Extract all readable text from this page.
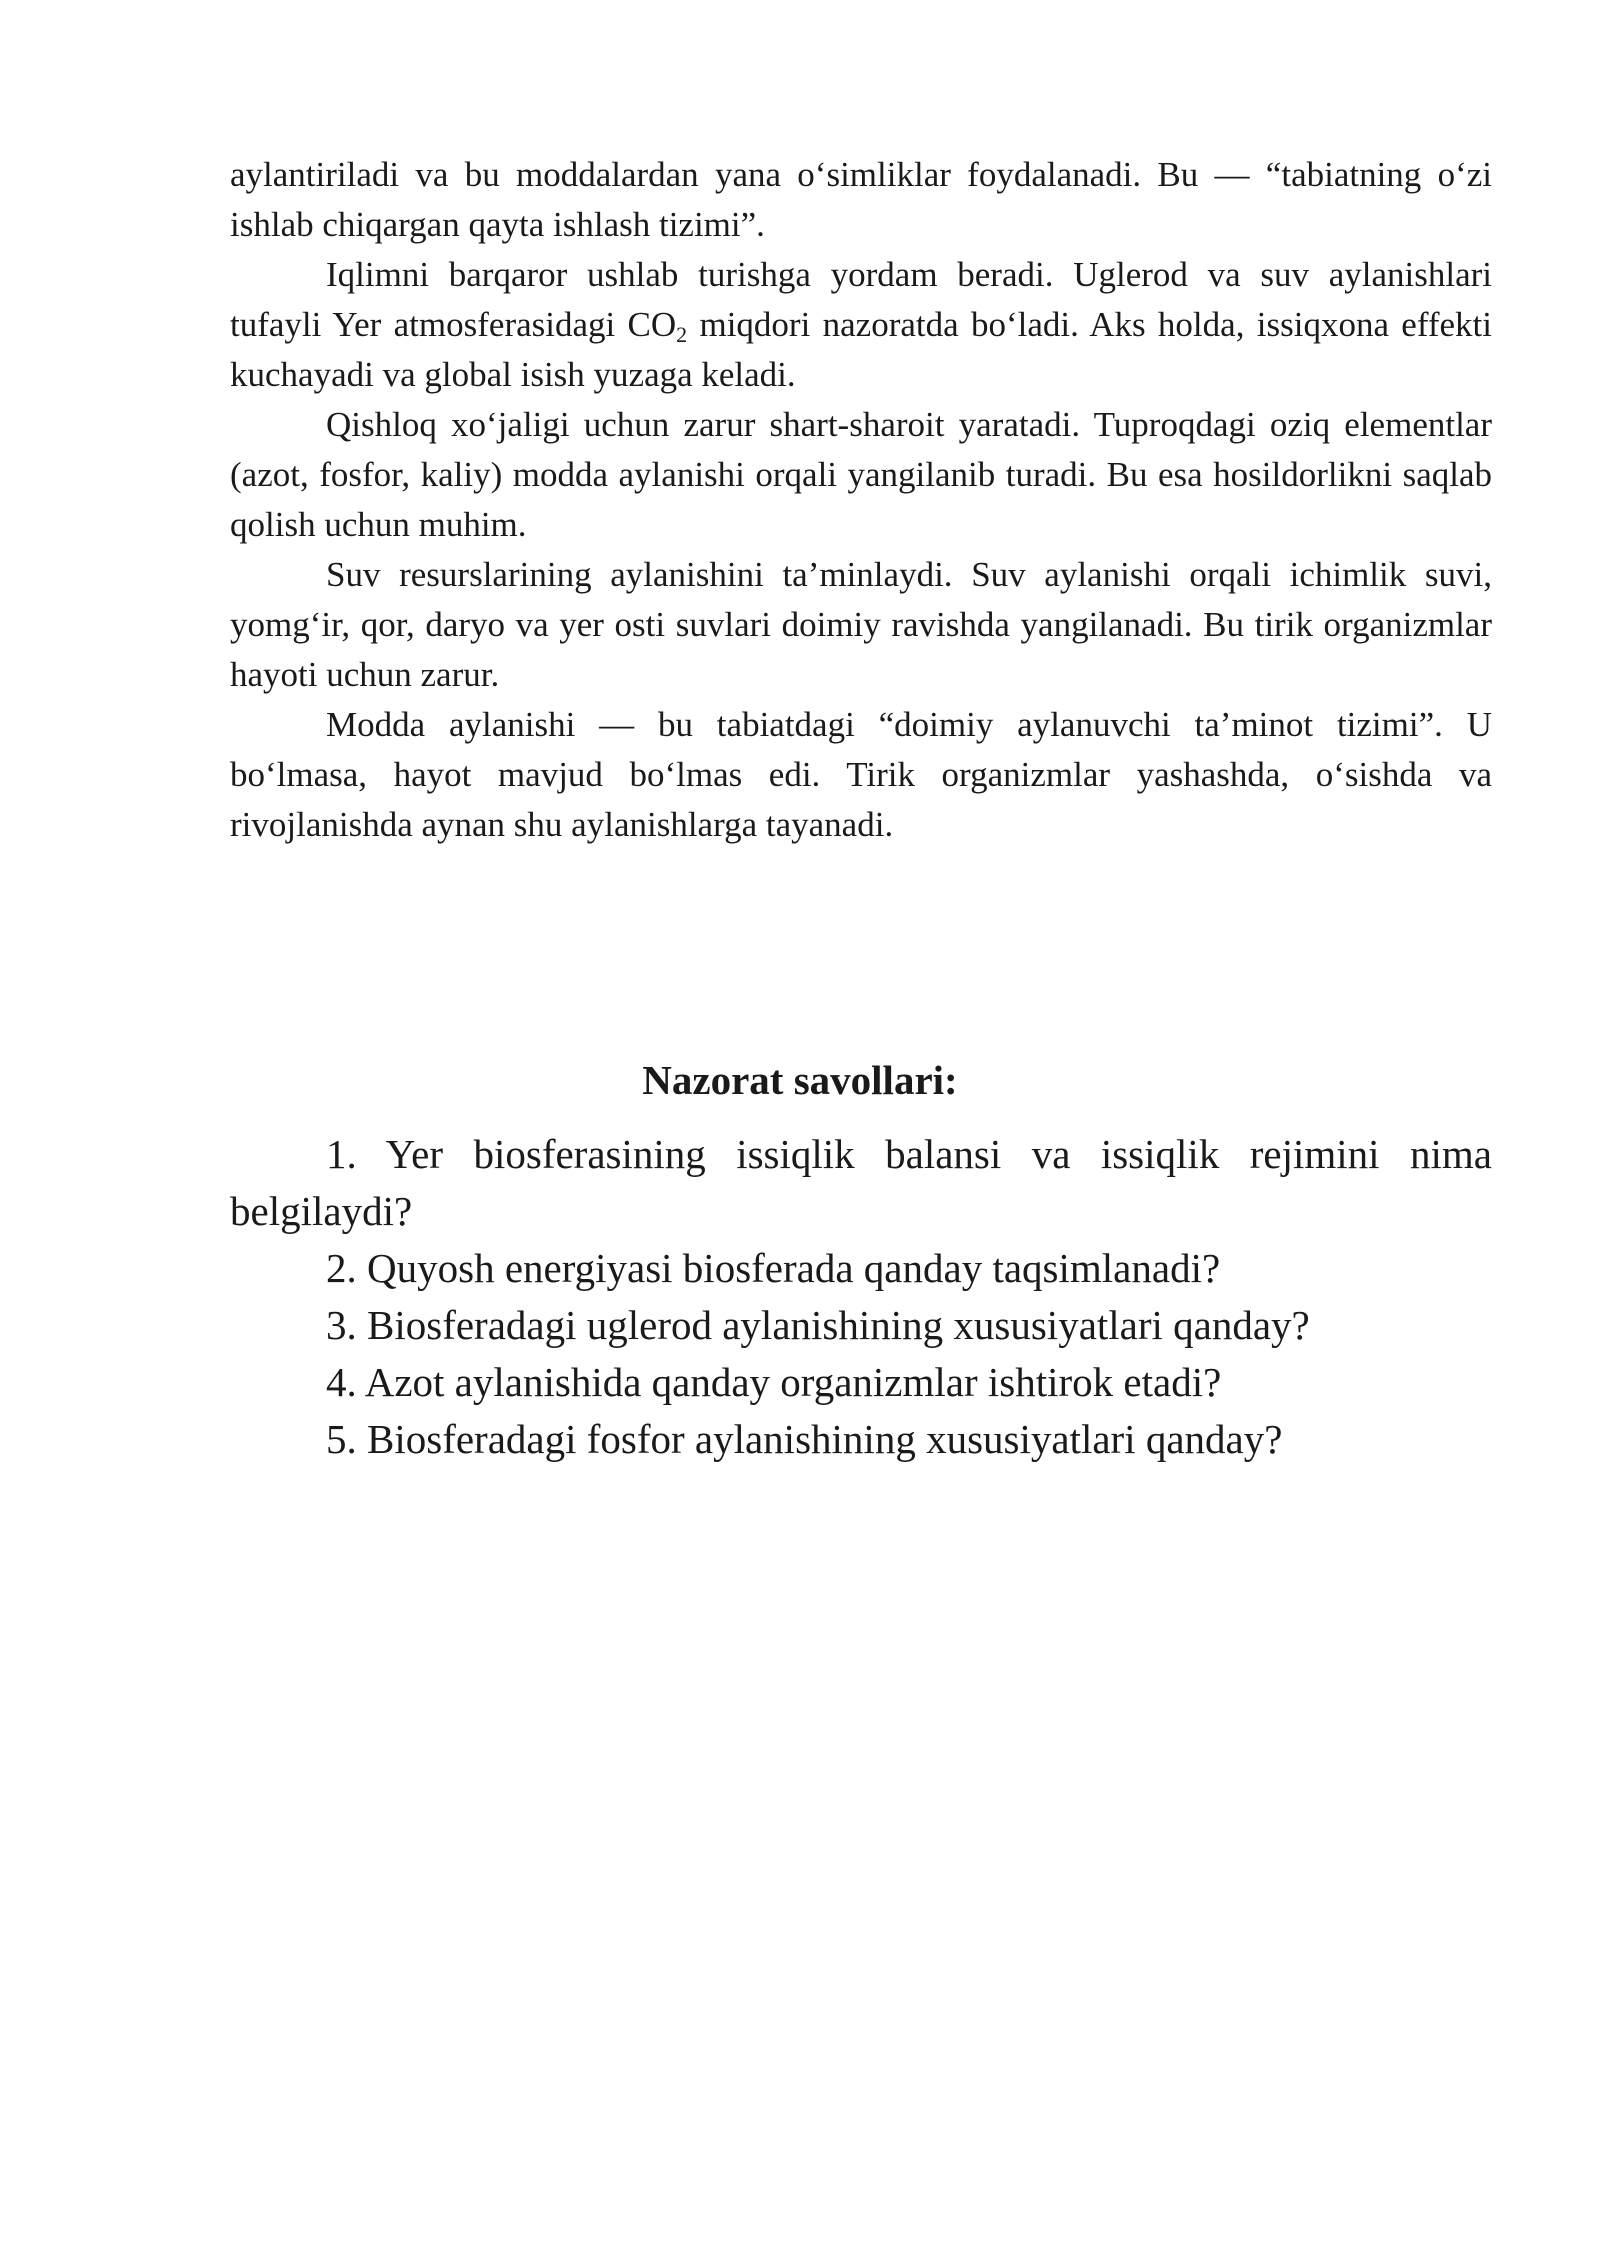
aylantiriladi va bu moddalardan yana o‘simliklar foydalanadi. Bu — “tabiatning o‘zi ishlab chiqargan qayta ishlash tizimi”.

Iqlimni barqaror ushlab turishga yordam beradi. Uglerod va suv aylanishlari tufayli Yer atmosferasidagi $CO_2$ miqdori nazoratda bo‘ladi. Aks holda, issiqxona effekti kuchayadi va global isish yuzaga keladi.

Qishloq xo‘jaligi uchun zarur shart-sharoit yaratadi. Tuproqdagi oziq elementlar (azot, fosfor, kaliy) modda aylanishi orqali yangilanib turadi. Bu esa hosildorlikni saqlab qolish uchun muhim.

Suv resurslarining aylanishini ta’minlaydi. Suv aylanishi orqali ichimlik suvi, yomg‘ir, qor, daryo va yer osti suvlari doimiy ravishda yangilanadi. Bu tirik organizmlar hayoti uchun zarur.

Modda aylanishi — bu tabiatdagi “doimiy aylanuvchi ta’minot tizimi”. U bo‘lmasa, hayot mavjud bo‘lmas edi. Tirik organizmlar yashashda, o‘sishda va rivojlanishda aynan shu aylanishlarga tayanadi.

Nazorat savollari:
1. Yer biosferasining issiqlik balansi va issiqlik rejimini nima belgilaydi?
2. Quyosh energiyasi biosferada qanday taqsimlanadi?
3. Biosferadagi uglerod aylanishining xususiyatlari qanday?
4. Azot aylanishida qanday organizmlar ishtirok etadi?
5. Biosferadagi fosfor aylanishining xususiyatlari qanday?
